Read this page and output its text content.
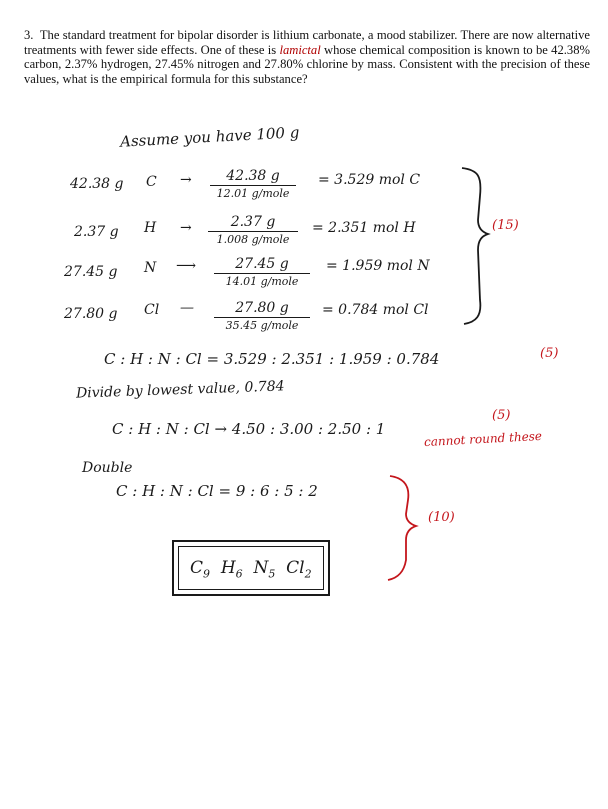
3. The standard treatment for bipolar disorder is lithium carbonate, a mood stabilizer. There are now alternative treatments with fewer side effects. One of these is lamictal whose chemical composition is known to be 42.38% carbon, 2.37% hydrogen, 27.45% nitrogen and 27.80% chlorine by mass. Consistent with the precision of these values, what is the empirical formula for this substance?
Assume you have 100 g
42.38 g C →	42.38 g
12.01 g/mole
= 3.529 mol C
2.37 g H →	2.37 g
1.008 g/mole
= 2.351 mol H
27.45 g N ⟶	27.45 g
14.01 g/mole
= 1.959 mol N
27.80 g Cl —	27.80 g
35.45 g/mole
= 0.784 mol Cl
C : H : N : Cl = 3.529 : 2.351 : 1.959 : 0.784	(5)
Divide by lowest value, 0.784
C : H : N : Cl → 4.50 : 3.00 : 2.50 : 1
(5)
cannot round these
Double
C : H : N : Cl = 9 : 6 : 5 : 2
$C_9$  $H_6$  $N_5$  $Cl_2$
(15)
(10)
